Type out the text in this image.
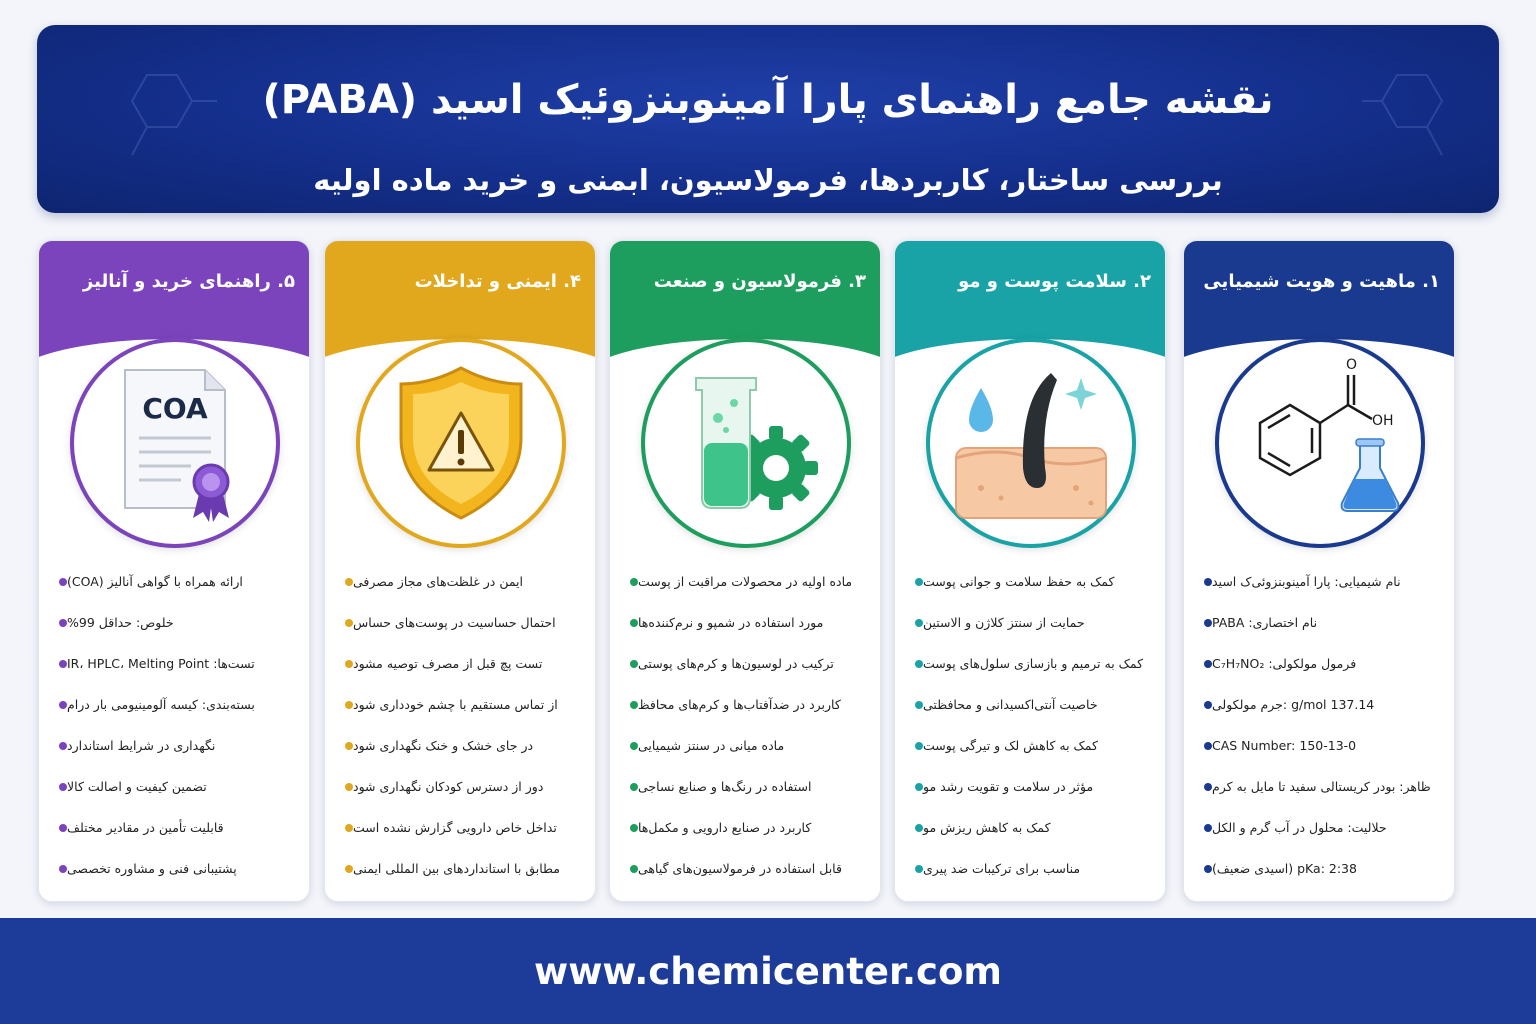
نقشه جامع راهنمای پارا آمینوبنزوئیک اسید (PABA)
بررسی ساختار، کاربردها، فرمولاسیون، ابمنی و خرید ماده اولیه
۱. ماهیت و هویت شیمیایی
O
OH
نام شیمیایی: پارا آمینوبنزوئی‌ک اسید
نام اختصاری: PABA
فرمول مولکولی: C₇H₇NO₂
137.14 g/mol :جرم مولکولی
CAS Number: 150-13-0
ظاهر: بودر کریستالی سفید تا مایل به کرم
حلالیت: محلول در آب گرم و الکل
pKa: 2:38 (اسیدی ضعیف)
۲. سلامت پوست و مو
کمک به حفظ سلامت و جوانی پوست
حمایت از سنتز کلاژن و الاستین
کمک به ترمیم و بازسازی سلول‌های پوست
خاصیت آنتی‌اکسیدانی و محافظتی
کمک به کاهش لک و تیرگی پوست
مؤثر در سلامت و تقویت رشد مو
کمک به کاهش ریزش مو
مناسب برای ترکیبات ضد پیری
۳. فرمولاسیون و صنعت
ماده اولیه در محصولات مراقبت از پوست
مورد استفاده در شمپو و نرم‌کننده‌ها
ترکیب در لوسیون‌ها و کرم‌های پوستی
کاربرد در ضدآفتاب‌ها و کرم‌های محافظ
ماده میانی در سنتز شیمیایی
استفاده در رنگ‌ها و صنایع نساجی
کاربرد در صنایع دارویی و مکمل‌ها
قابل استفاده در فرمولاسیون‌های گیاهی
۴. ایمنی و تداخلات
ایمن در غلظت‌های مجاز مصرفی
احتمال حساسیت در پوست‌های حساس
تست پچ قبل از مصرف توصیه مشود
از تماس مستقیم با چشم خودداری شود
در جای خشک و خنک نگهداری شود
دور از دسترس کودکان نگهداری شود
تداخل خاص دارویی گزارش نشده است
مطابق با استانداردهای بین المللی ایمنی
۵. راهنمای خرید و آنالیز
COA
ارائه همراه با گواهی آنالیز (COA)
خلوص: حداقل 99%
تست‌ها: IR، HPLC، Melting Point
بسته‌بندی: کیسه آلومینیومی بار درام
نگهداری در شرایط استاندارد
تضمین کیفیت و اصالت کالا
قابلیت تأمین در مقادیر مختلف
پشتیبانی فنی و مشاوره تخصصی
www.chemicenter.com
